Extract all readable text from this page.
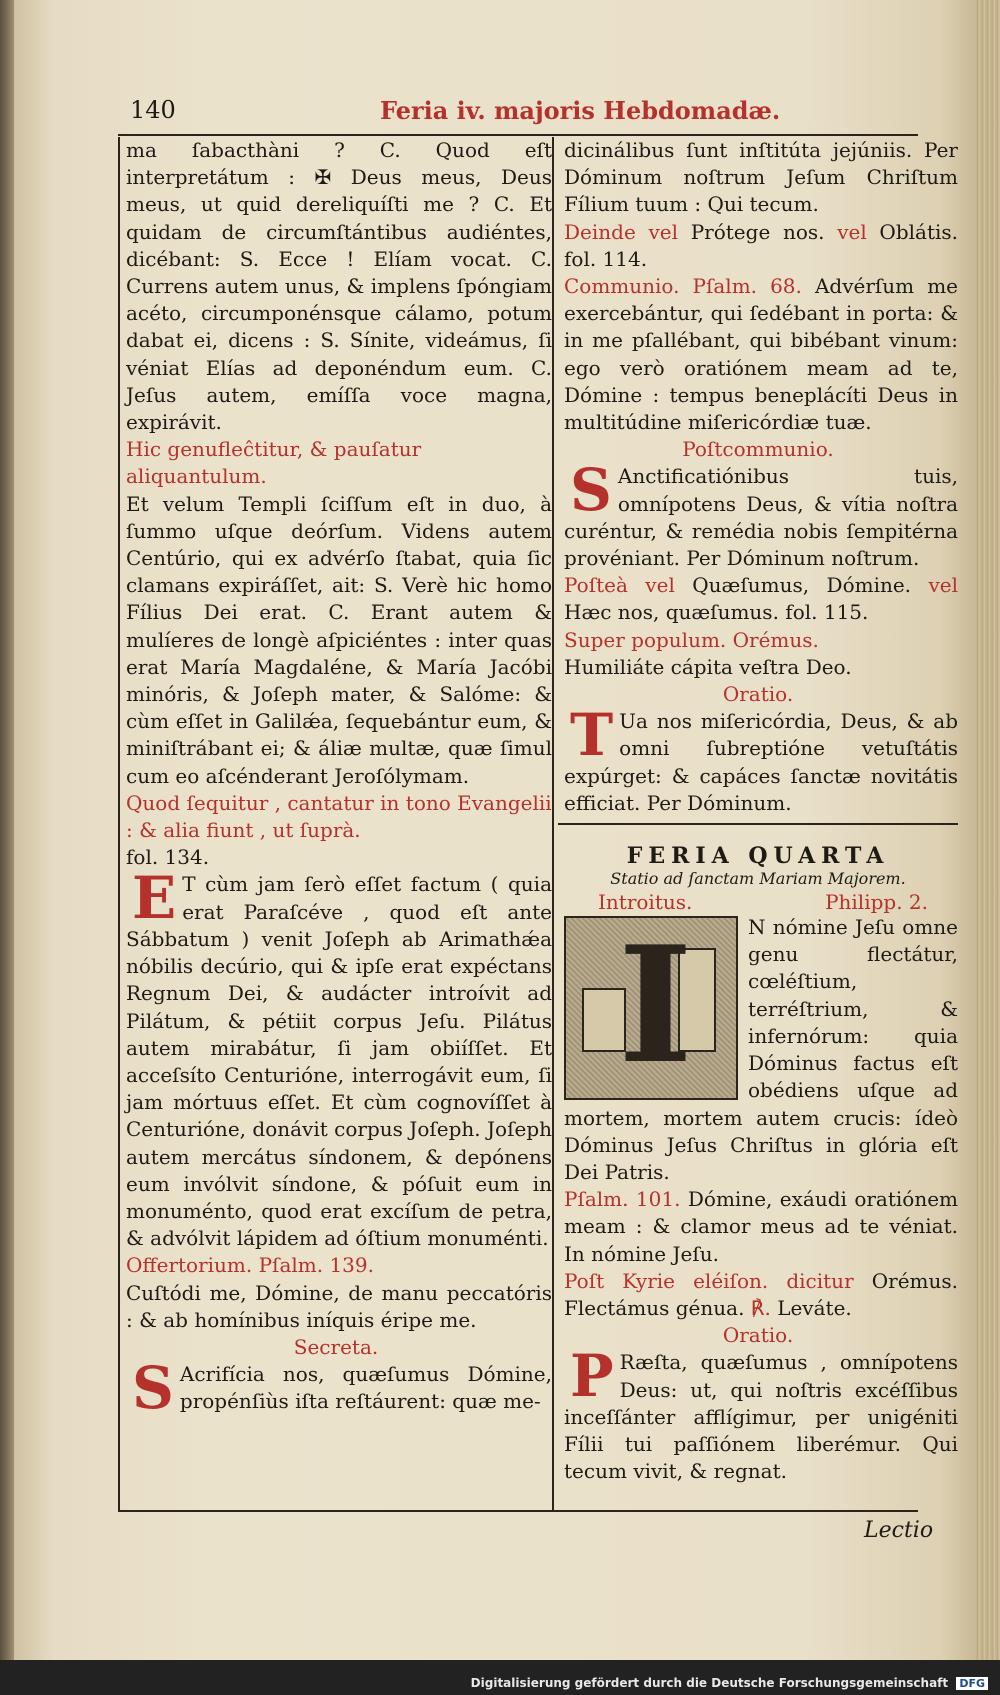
140	Feria iv. majoris Hebdomadæ.

ma ſabacthàni ? C. Quod eſt interpretátum : ✠ Deus meus, Deus meus, ut quid dereliquíſti me ? C. Et quidam de circumſtántibus audiéntes, dicébant: S. Ecce ! Elíam vocat. C. Currens autem unus, & implens ſpóngiam acéto, circumponénsque cálamo, potum dabat ei, dicens : S. Sínite, videámus, ſi véniat Elías ad deponéndum eum. C. Jeſus autem, emíſſa voce magna, expirávit.

Hic genufleĉtitur, & pauſatur aliquantulum.

Et velum Templi ſciſſum eſt in duo, à ſummo uſque deórſum. Videns autem Centúrio, qui ex advérſo ſtabat, quia ſic clamans expiráſſet, ait: S. Verè hic homo Fílius Dei erat. C. Erant autem & mulíeres de longè aſpiciéntes : inter quas erat María Magdaléne, & María Jacóbi minóris, & Joſeph mater, & Salóme: & cùm eſſet in Galilǽa, ſequebántur eum, & miniſtrábant ei; & áliæ multæ, quæ ſimul cum eo aſcénderant Jeroſólymam.

Quod ſequitur , cantatur in tono Evangelii : & alia fiunt , ut ſuprà.

fol. 134.

E T cùm jam ſerò eſſet factum ( quia erat Paraſcéve , quod eſt ante Sábbatum ) venit Joſeph ab Arimathǽa nóbilis decúrio, qui & ipſe erat expéctans Regnum Dei, & audácter introívit ad Pilátum, & pétiit corpus Jeſu. Pilátus autem mirabátur, ſi jam obiíſſet. Et acceſsíto Centurióne, interrogávit eum, ſi jam mórtuus eſſet. Et cùm cognovíſſet à Centurióne, donávit corpus Joſeph. Joſeph autem mercátus síndonem, & depónens eum invólvit síndone, & póſuit eum in monuménto, quod erat excíſum de petra, & advólvit lápidem ad óſtium monuménti.

Offertorium. Pſalm. 139.

Cuſtódi me, Dómine, de manu peccatóris : & ab homínibus iníquis éripe me.

Secreta.

S Acrifícia nos, quæſumus Dómine, propénſiùs iſta reſtáurent: quæ me-

dicinálibus ſunt inſtitúta jejúniis. Per Dóminum noſtrum Jeſum Chriſtum Fílium tuum : Qui tecum.

Deinde vel Prótege nos. vel Oblátis. fol. 114.

Communio. Pſalm. 68. Advérſum me exercebántur, qui ſedébant in porta: & in me pſallébant, qui bibébant vinum: ego verò oratiónem meam ad te, Dómine : tempus beneplácíti Deus in multitúdine miſericórdiæ tuæ.

Poſtcommunio.

S Anctificatiónibus tuis, omnípotens Deus, & vítia noſtra curéntur, & remédia nobis ſempitérna provéniant. Per Dóminum noſtrum.

Poſteà vel Quæſumus, Dómine. vel Hæc nos, quæſumus. fol. 115.

Super populum. Orémus.

Humiliáte cápita veſtra Deo.

Oratio.

T Ua nos miſericórdia, Deus, & ab omni ſubreptióne vetuſtátis expúrget: & capáces ſanctæ novitátis efficiat. Per Dóminum.

FERIA QUARTA

Statio ad ſanctam Mariam Majorem.

Introitus.	Philipp. 2.
I	N nómine Jeſu omne genu flectátur, cœléſtium, terréſtrium, & infernórum: quia Dóminus factus eſt obédiens uſque ad mortem, mortem autem crucis: ídeò Dóminus Jeſus Chriſtus in glória eſt Dei Patris.

Pſalm. 101. Dómine, exáudi oratiónem meam : & clamor meus ad te véniat. In nómine Jeſu.

Poſt Kyrie eléiſon. dicitur Orémus. Flectámus génua. ℟. Leváte.

Oratio.

P Ræſta, quæſumus , omnípotens Deus: ut, qui noſtris excéſſibus inceſſánter afflígimur, per unigéniti Fílii tui paſſiónem liberémur. Qui tecum vivit, & regnat.

Lectio
Digitalisierung gefördert durch die Deutsche Forschungsgemeinschaft DFG
